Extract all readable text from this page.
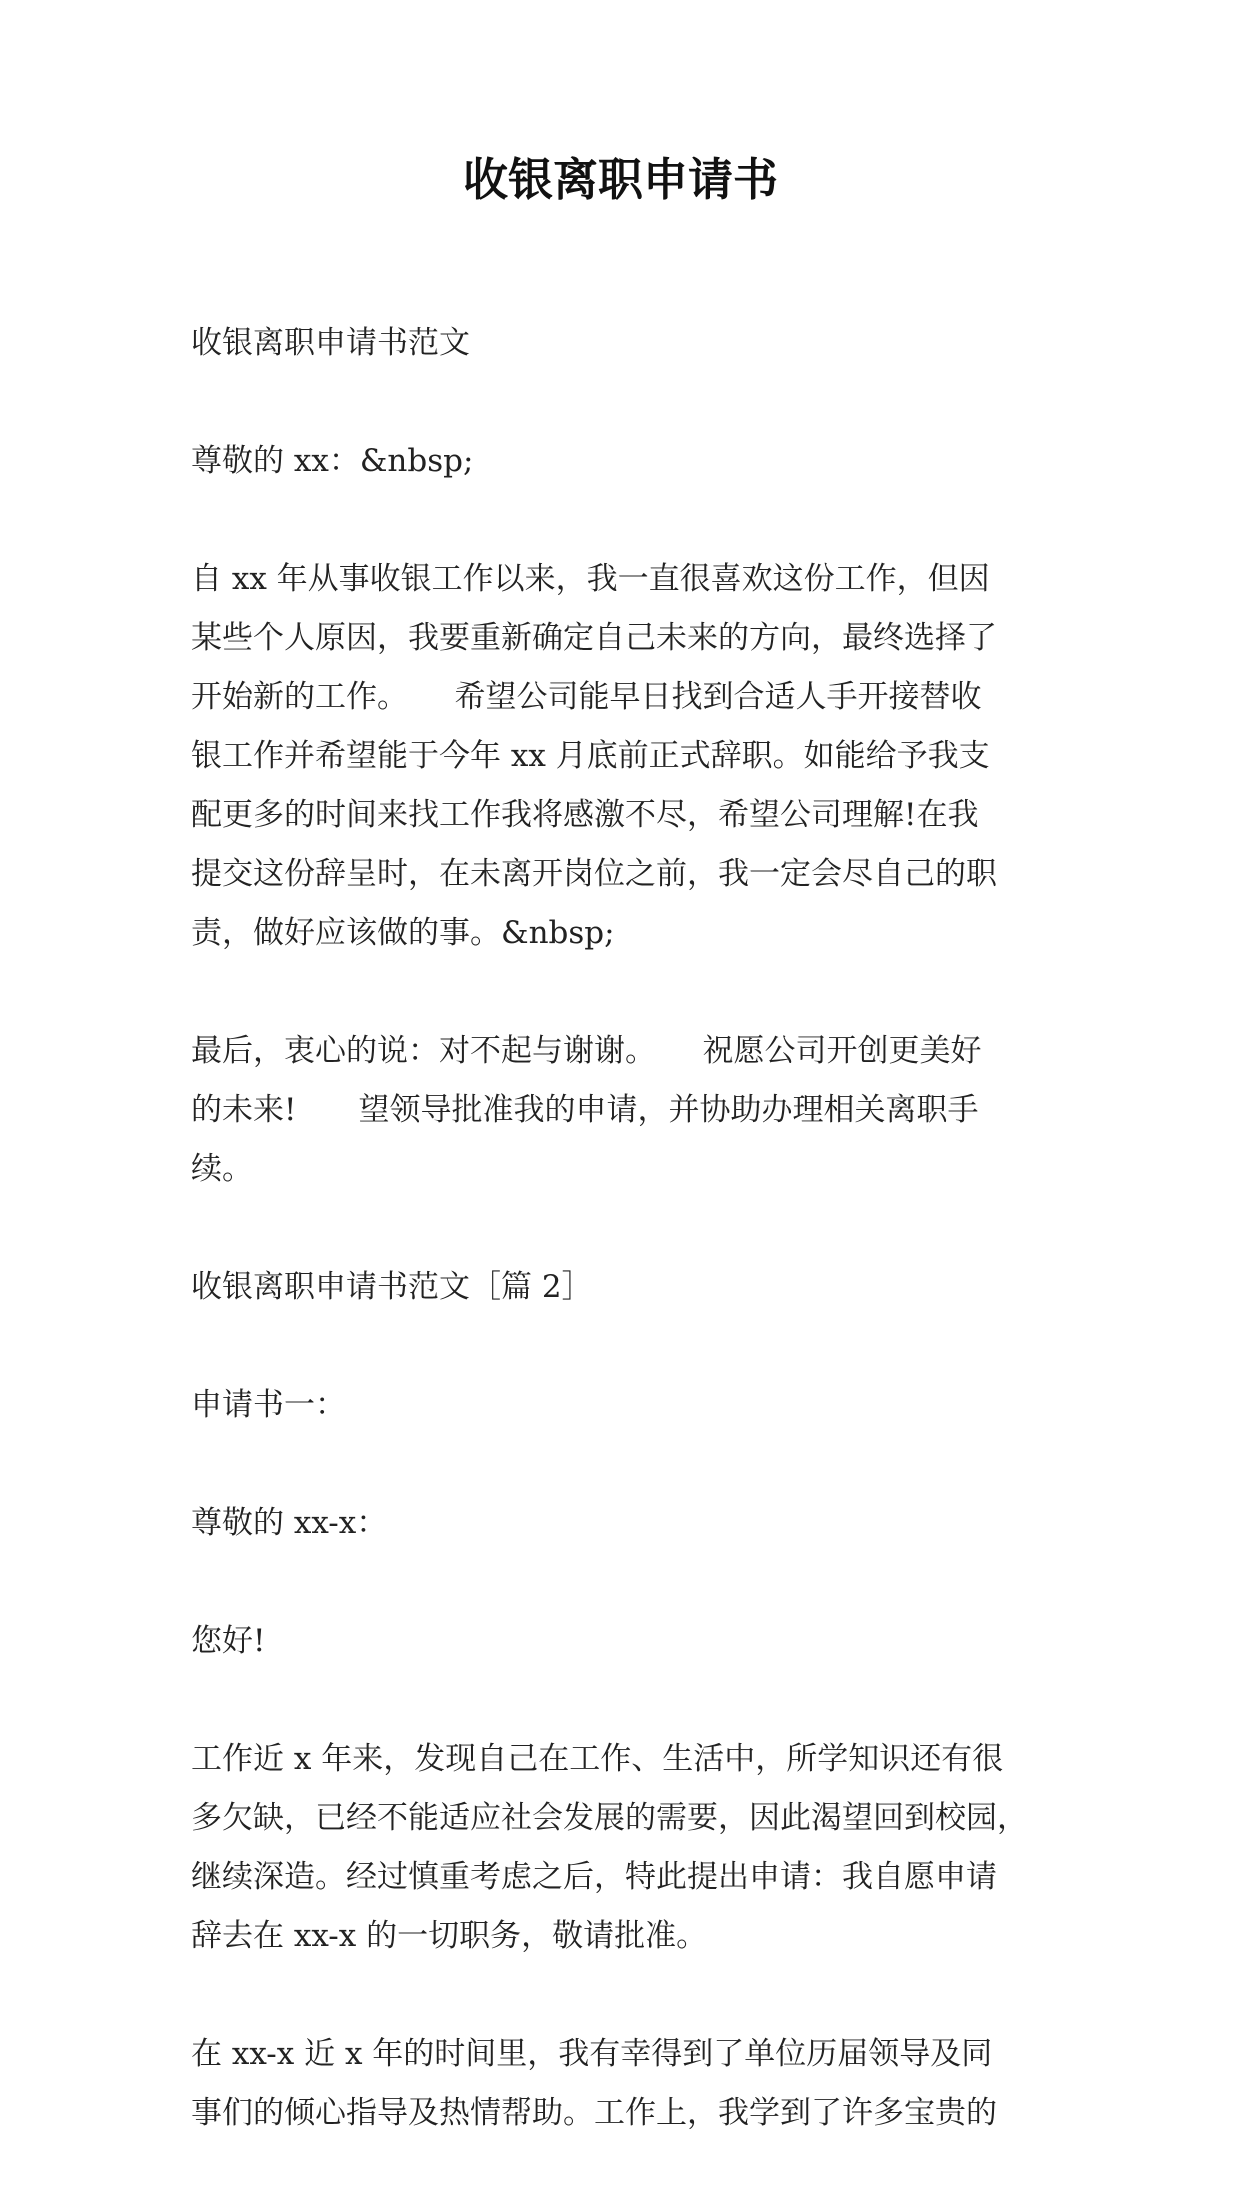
收银离职申请书

收银离职申请书范文

尊敬的 xx：&nbsp;

自 xx 年从事收银工作以来，我一直很喜欢这份工作，但因
某些个人原因，我要重新确定自己未来的方向，最终选择了
开始新的工作。　　希望公司能早日找到合适人手开接替收
银工作并希望能于今年 xx 月底前正式辞职。如能给予我支
配更多的时间来找工作我将感激不尽，希望公司理解!在我
提交这份辞呈时，在未离开岗位之前，我一定会尽自己的职
责，做好应该做的事。&nbsp;

最后，衷心的说：对不起与谢谢。　　祝愿公司开创更美好
的未来!　　望领导批准我的申请，并协助办理相关离职手
续。

收银离职申请书范文［篇 2］

申请书一：

尊敬的 xx-x：

您好!

工作近 x 年来，发现自己在工作、生活中，所学知识还有很
多欠缺，已经不能适应社会发展的需要，因此渴望回到校园，
继续深造。经过慎重考虑之后，特此提出申请：我自愿申请
辞去在 xx-x 的一切职务，敬请批准。

在 xx-x 近 x 年的时间里，我有幸得到了单位历届领导及同
事们的倾心指导及热情帮助。工作上，我学到了许多宝贵的
